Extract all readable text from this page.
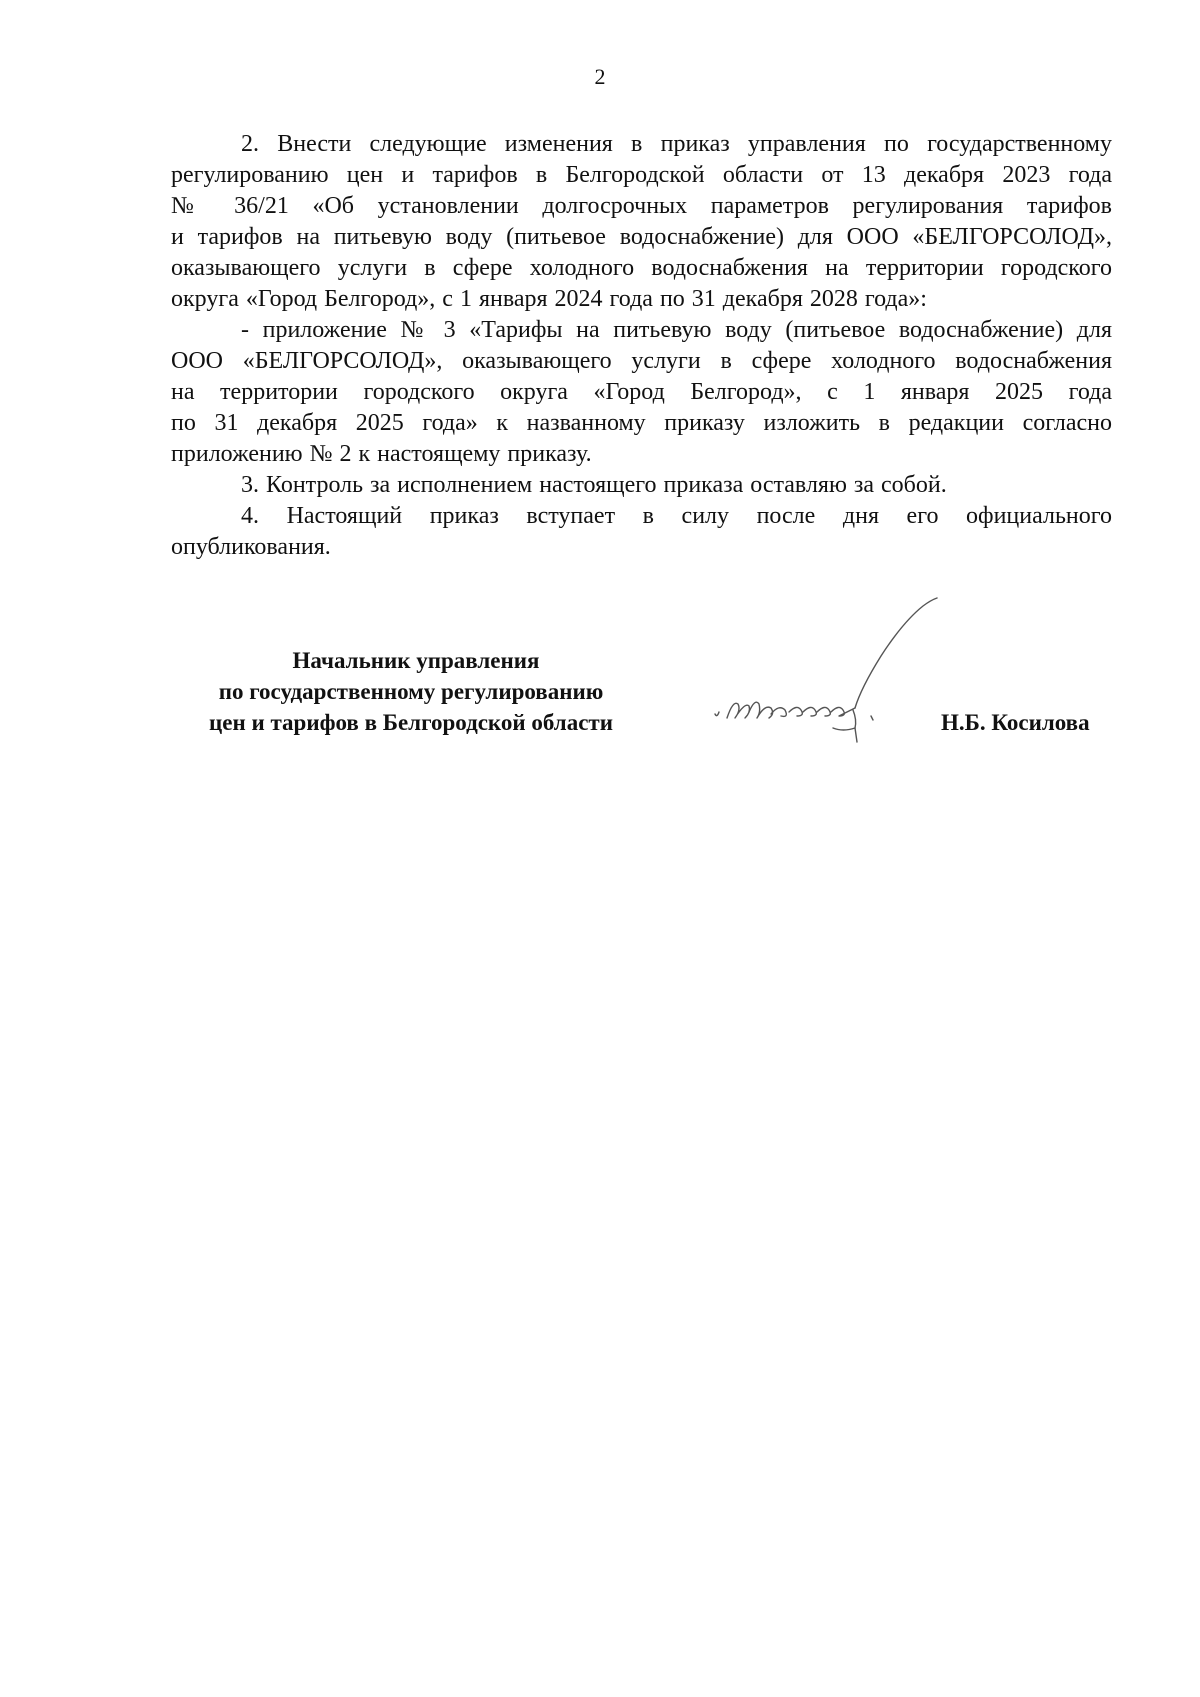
2
2. Внести следующие изменения в приказ управления по государственному
регулированию цен и тарифов в Белгородской области от 13 декабря 2023 года
№ 36/21 «Об установлении долгосрочных параметров регулирования тарифов
и тарифов на питьевую воду (питьевое водоснабжение) для ООО «БЕЛГОРСОЛОД»,
оказывающего услуги в сфере холодного водоснабжения на территории городского
округа «Город Белгород», с 1 января 2024 года по 31 декабря 2028 года»:
- приложение № 3 «Тарифы на питьевую воду (питьевое водоснабжение) для
ООО «БЕЛГОРСОЛОД», оказывающего услуги в сфере холодного водоснабжения
на территории городского округа «Город Белгород», с 1 января 2025 года
по 31 декабря 2025 года» к названному приказу изложить в редакции согласно
приложению № 2 к настоящему приказу.
3. Контроль за исполнением настоящего приказа оставляю за собой.
4. Настоящий приказ вступает в силу после дня его официального
опубликования.
Начальник управления
по государственному регулированию
цен и тарифов в Белгородской области	Н.Б. Косилова
